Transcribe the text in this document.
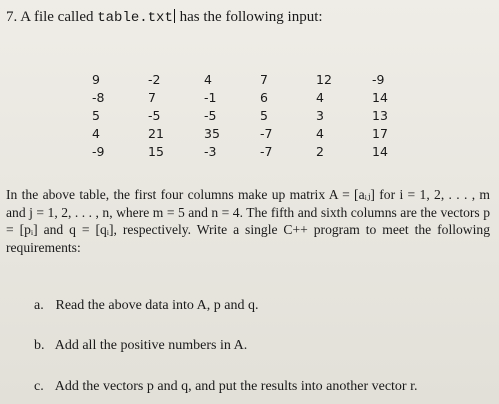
7. A file called table.txt has the following input:
9	-2	4	7	12	-9
-8	7	-1	6	4	14
5	-5	-5	5	3	13
4	21	35	-7	4	17
-9	15	-3	-7	2	14
In the above table, the first four columns make up matrix A = [aᵢⱼ] for i = 1, 2, . . . , m and j = 1, 2, . . . , n, where m = 5 and n = 4. The fifth and sixth columns are the vectors p = [pᵢ] and q = [qᵢ], respectively. Write a single C++ program to meet the following requirements:
a. Read the above data into A, p and q.
b. Add all the positive numbers in A.
c. Add the vectors p and q, and put the results into another vector r.
